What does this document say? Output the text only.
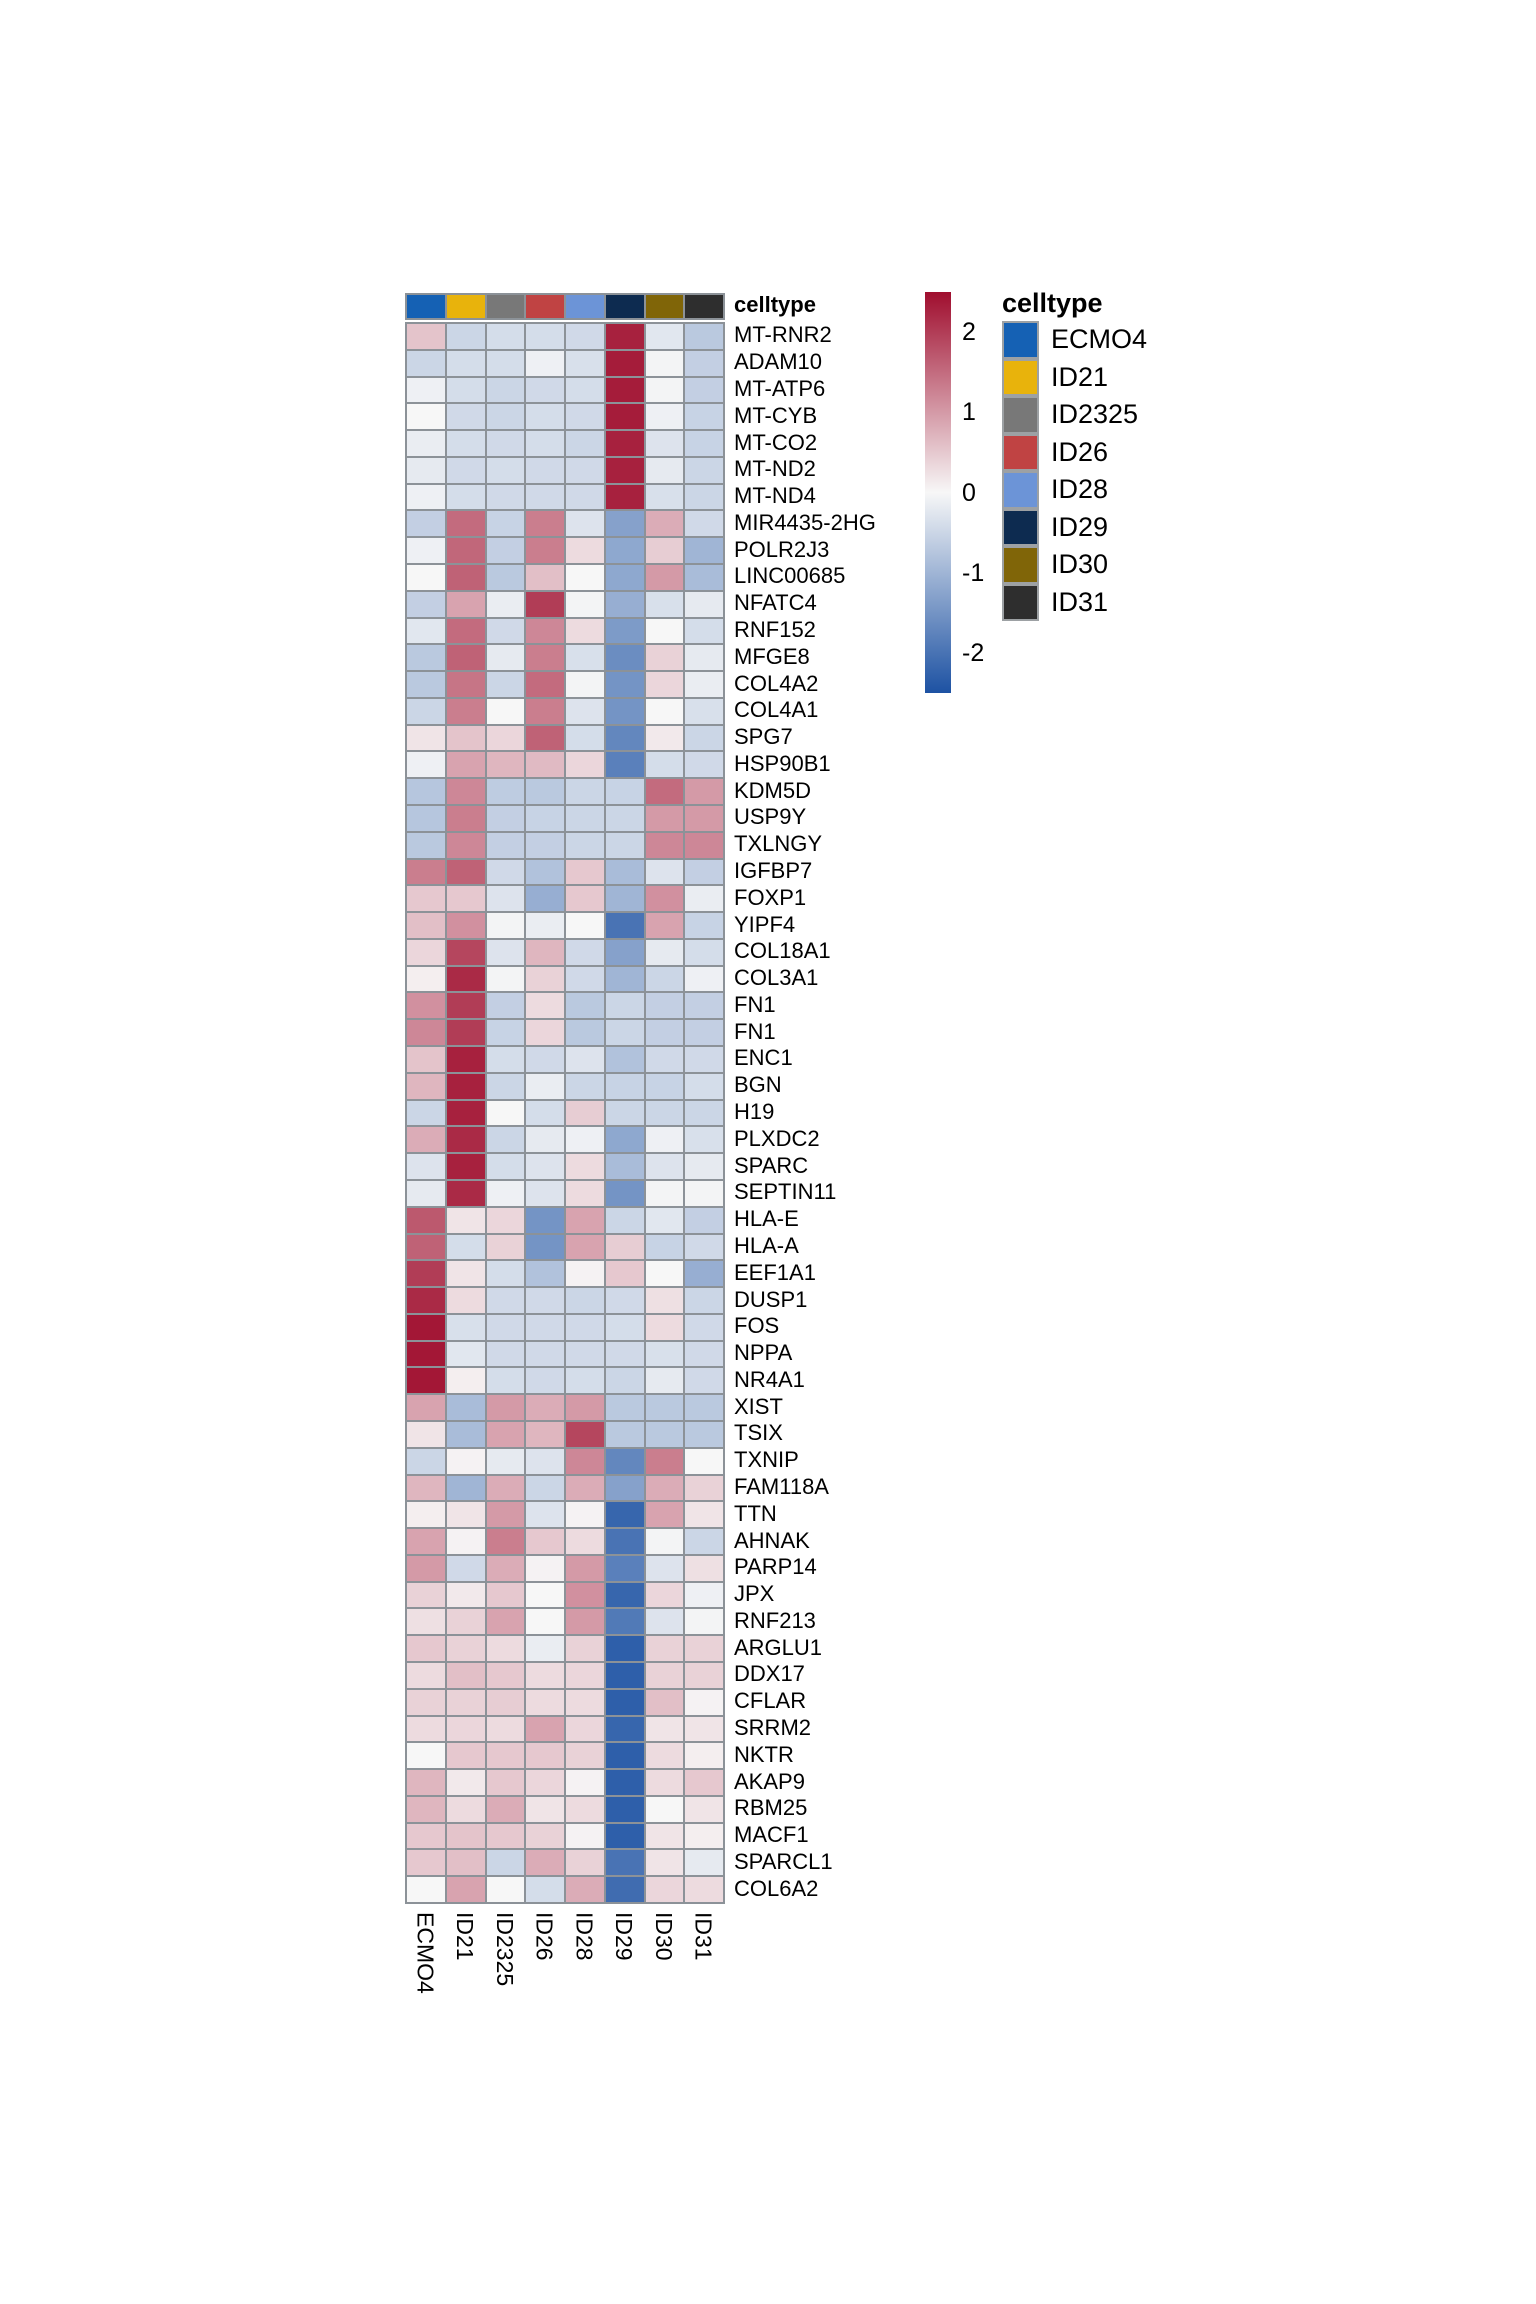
celltype
MT-RNR2
ADAM10
MT-ATP6
MT-CYB
MT-CO2
MT-ND2
MT-ND4
MIR4435-2HG
POLR2J3
LINC00685
NFATC4
RNF152
MFGE8
COL4A2
COL4A1
SPG7
HSP90B1
KDM5D
USP9Y
TXLNGY
IGFBP7
FOXP1
YIPF4
COL18A1
COL3A1
FN1
FN1
ENC1
BGN
H19
PLXDC2
SPARC
SEPTIN11
HLA-E
HLA-A
EEF1A1
DUSP1
FOS
NPPA
NR4A1
XIST
TSIX
TXNIP
FAM118A
TTN
AHNAK
PARP14
JPX
RNF213
ARGLU1
DDX17
CFLAR
SRRM2
NKTR
AKAP9
RBM25
MACF1
SPARCL1
COL6A2
ECMO4 ID21 ID2325 ID26 ID28 ID29 ID30 ID31
celltype
ECMO4
ID21
ID2325
ID26
ID28
ID29
ID30
ID31
2
1
0
-1
-2
